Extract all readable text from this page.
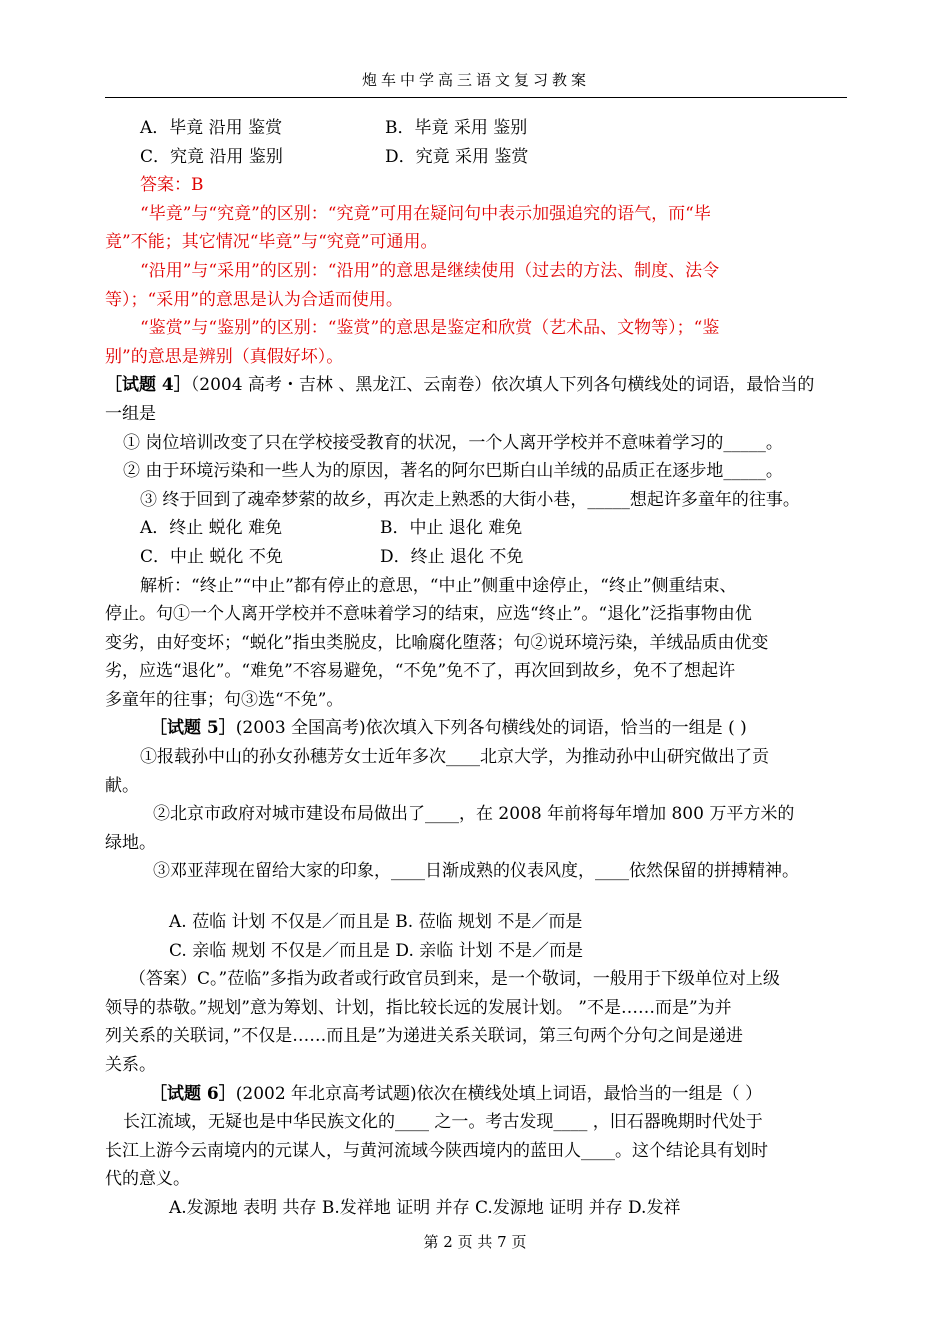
炮车中学高三语文复习教案

A．毕竟 沿用 鉴赏	B．毕竟 采用 鉴别

C．究竟 沿用 鉴别	D．究竟 采用 鉴赏

答案：B

“毕竟”与“究竟”的区别：“究竟”可用在疑问句中表示加强追究的语气，而“毕

竟”不能；其它情况“毕竟”与“究竟”可通用。

“沿用”与“采用”的区别：“沿用”的意思是继续使用（过去的方法、制度、法令

等）；“采用”的意思是认为合适而使用。

“鉴赏”与“鉴别”的区别：“鉴赏”的意思是鉴定和欣赏（艺术品、文物等）；“鉴

别”的意思是辨别（真假好坏）。

［试题 4］（2004 高考・吉林 、黑龙江、云南卷）依次填人下列各句横线处的词语，最恰当的

一组是

① 岗位培训改变了只在学校接受教育的状况，一个人离开学校并不意味着学习的_____。

② 由于环境污染和一些人为的原因，著名的阿尔巴斯白山羊绒的品质正在逐步地_____。

③ 终于回到了魂牵梦萦的故乡，再次走上熟悉的大街小巷，_____想起许多童年的往事。

A．终止 蜕化 难免	B．中止 退化 难免

C．中止 蜕化 不免	D．终止 退化 不免

解析：“终止”“中止”都有停止的意思，“中止”侧重中途停止，“终止”侧重结束、

停止。句①一个人离开学校并不意味着学习的结束，应选“终止”。“退化”泛指事物由优

变劣，由好变坏；“蜕化”指虫类脱皮，比喻腐化堕落；句②说环境污染，羊绒品质由优变

劣，应选“退化”。“难免”不容易避免，“不免”免不了，再次回到故乡，免不了想起许

多童年的往事；句③选“不免”。

［试题 5］(2003 全国高考)依次填入下列各句横线处的词语，恰当的一组是 ( )

①报载孙中山的孙女孙穗芳女士近年多次____北京大学，为推动孙中山研究做出了贡

献。

②北京市政府对城市建设布局做出了____，在 2008 年前将每年增加 800 万平方米的

绿地。

③邓亚萍现在留给大家的印象，____日渐成熟的仪表风度，____依然保留的拼搏精神。

A. 莅临 计划 不仅是／而且是 B. 莅临 规划 不是／而是

C. 亲临 规划 不仅是／而且是 D. 亲临 计划 不是／而是

（答案）C。”莅临”多指为政者或行政官员到来，是一个敬词，一般用于下级单位对上级

领导的恭敬。”规划”意为筹划、计划，指比较长远的发展计划。 ”不是……而是”为并

列关系的关联词，”不仅是……而且是”为递进关系关联词，第三句两个分句之间是递进

关系。

［试题 6］(2002 年北京高考试题)依次在横线处填上词语，最恰当的一组是（ ）

长江流域，无疑也是中华民族文化的____ 之一。考古发现____ ，旧石器晚期时代处于

长江上游今云南境内的元谋人，与黄河流域今陕西境内的蓝田人____。这个结论具有划时

代的意义。

A.发源地 表明 共存 B.发祥地 证明 并存 C.发源地 证明 并存 D.发祥

第 2 页 共 7 页
